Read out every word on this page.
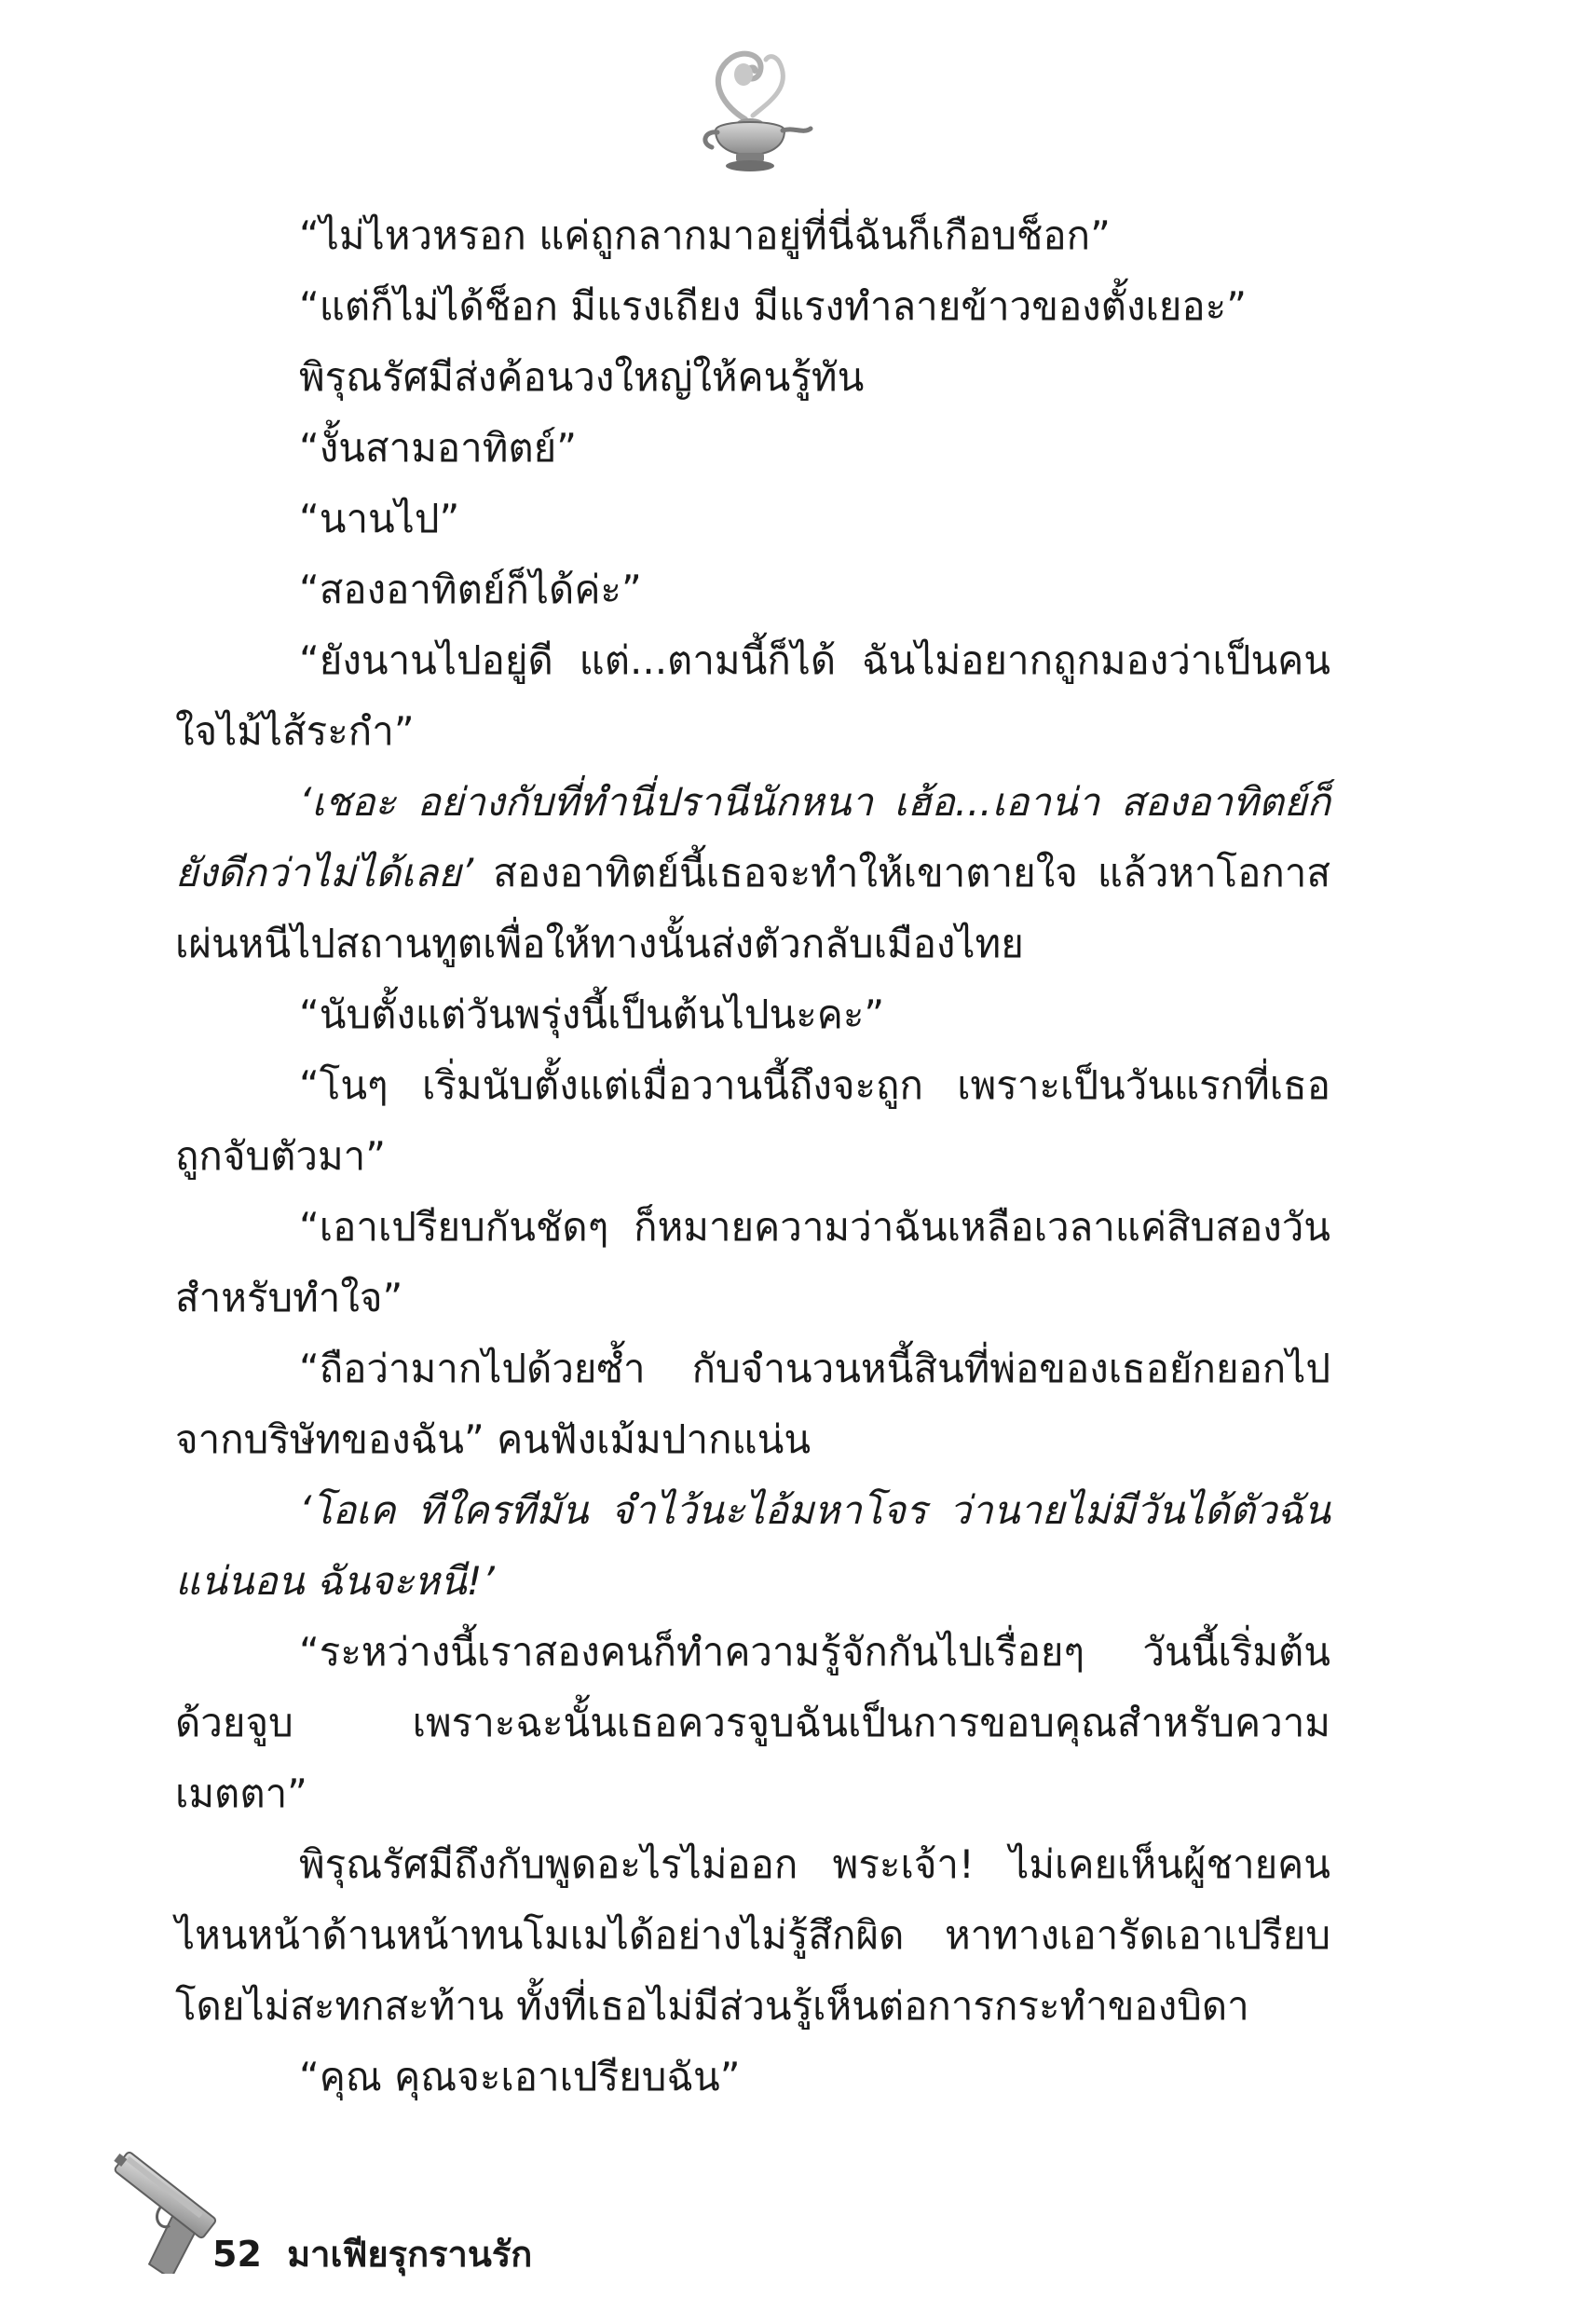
“ไม่ไหวหรอก แค่ถูกลากมาอยู่ที่นี่ฉันก็เกือบช็อก”

“แต่ก็ไม่ได้ช็อก มีแรงเถียง มีแรงทำลายข้าวของตั้งเยอะ”

พิรุณรัศมีส่งค้อนวงใหญ่ให้คนรู้ทัน

“งั้นสามอาทิตย์”

“นานไป”

“สองอาทิตย์ก็ได้ค่ะ”

“ยังนานไปอยู่ดี แต่...ตามนี้ก็ได้ ฉันไม่อยากถูกมองว่าเป็นคนใจไม้ไส้ระกำ”

‘เชอะ อย่างกับที่ทำนี่ปรานีนักหนา เฮ้อ...เอาน่า สองอาทิตย์ก็ยังดีกว่าไม่ได้เลย’ สองอาทิตย์นี้เธอจะทำให้เขาตายใจ แล้วหาโอกาสเผ่นหนีไปสถานทูตเพื่อให้ทางนั้นส่งตัวกลับเมืองไทย

“นับตั้งแต่วันพรุ่งนี้เป็นต้นไปนะคะ”

“โนๆ เริ่มนับตั้งแต่เมื่อวานนี้ถึงจะถูก เพราะเป็นวันแรกที่เธอถูกจับตัวมา”

“เอาเปรียบกันชัดๆ ก็หมายความว่าฉันเหลือเวลาแค่สิบสองวันสำหรับทำใจ”

“ถือว่ามากไปด้วยซ้ำ กับจำนวนหนี้สินที่พ่อของเธอยักยอกไปจากบริษัทของฉัน” คนฟังเม้มปากแน่น

‘โอเค ทีใครทีมัน จำไว้นะไอ้มหาโจร ว่านายไม่มีวันได้ตัวฉันแน่นอน ฉันจะหนี!’

“ระหว่างนี้เราสองคนก็ทำความรู้จักกันไปเรื่อยๆ วันนี้เริ่มต้นด้วยจูบ เพราะฉะนั้นเธอควรจูบฉันเป็นการขอบคุณสำหรับความเมตตา”

พิรุณรัศมีถึงกับพูดอะไรไม่ออก พระเจ้า! ไม่เคยเห็นผู้ชายคนไหนหน้าด้านหน้าทนโมเมได้อย่างไม่รู้สึกผิด หาทางเอารัดเอาเปรียบโดยไม่สะทกสะท้าน ทั้งที่เธอไม่มีส่วนรู้เห็นต่อการกระทำของบิดา

“คุณ คุณจะเอาเปรียบฉัน”

52 มาเฟียรุกรานรัก
